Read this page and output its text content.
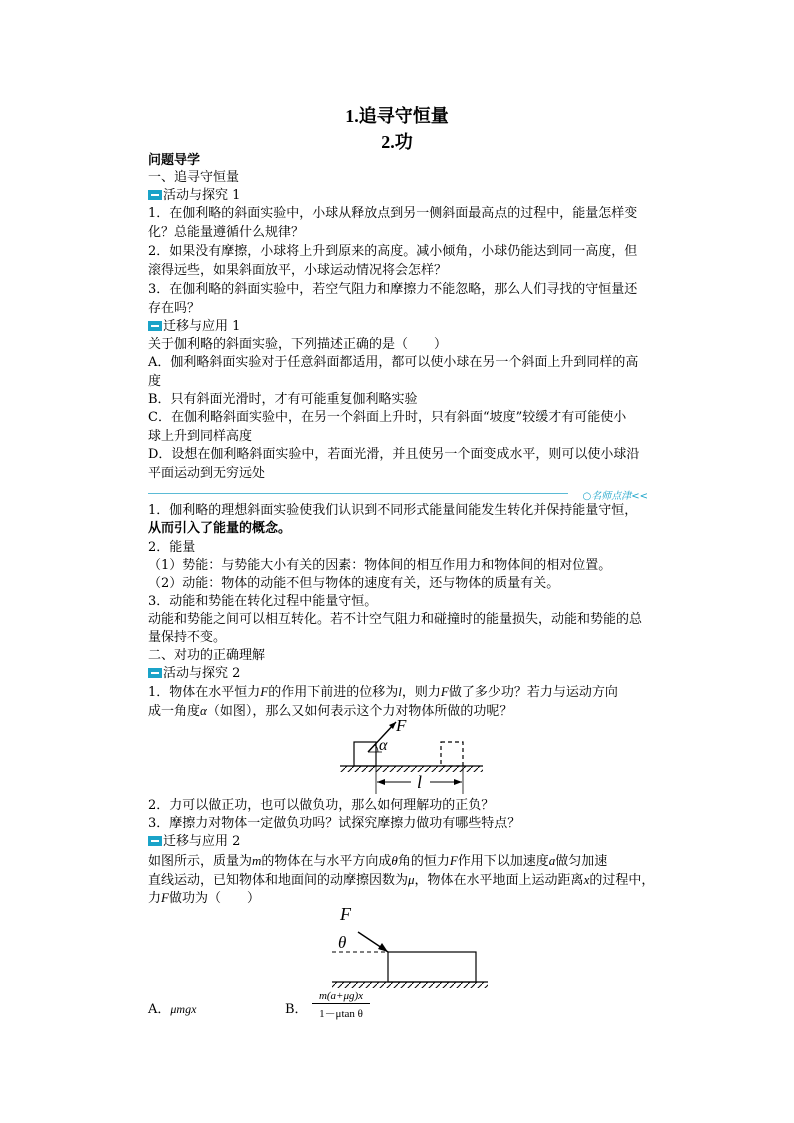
1.追寻守恒量
2.功
问题导学
一、追寻守恒量
活动与探究 1
1．在伽利略的斜面实验中，小球从释放点到另一侧斜面最高点的过程中，能量怎样变
化？总能量遵循什么规律？
2．如果没有摩擦，小球将上升到原来的高度。减小倾角，小球仍能达到同一高度，但
滚得远些，如果斜面放平，小球运动情况将会怎样？
3．在伽利略的斜面实验中，若空气阻力和摩擦力不能忽略，那么人们寻找的守恒量还
存在吗？
迁移与应用 1
关于伽利略的斜面实验，下列描述正确的是（　　）
A．伽利略斜面实验对于任意斜面都适用，都可以使小球在另一个斜面上升到同样的高
度
B．只有斜面光滑时，才有可能重复伽利略实验
C．在伽利略斜面实验中，在另一个斜面上升时，只有斜面“坡度”较缓才有可能使小
球上升到同样高度
D．设想在伽利略斜面实验中，若面光滑，并且使另一个面变成水平，则可以使小球沿
平面运动到无穷远处
○名师点津<<
1．伽利略的理想斜面实验使我们认识到不同形式能量间能发生转化并保持能量守恒，
从而引入了能量的概念。
2．能量
（1）势能：与势能大小有关的因素：物体间的相互作用力和物体间的相对位置。
（2）动能：物体的动能不但与物体的速度有关，还与物体的质量有关。
3．动能和势能在转化过程中能量守恒。
动能和势能之间可以相互转化。若不计空气阻力和碰撞时的能量损失，动能和势能的总
量保持不变。
二、对功的正确理解
活动与探究 2
1．物体在水平恒力F的作用下前进的位移为l，则力F做了多少功？若力与运动方向
成一角度α（如图），那么又如何表示这个力对物体所做的功呢？
F
α
l
2．力可以做正功，也可以做负功，那么如何理解功的正负？
3．摩擦力对物体一定做负功吗？试探究摩擦力做功有哪些特点？
迁移与应用 2
如图所示，质量为m的物体在与水平方向成θ角的恒力F作用下以加速度a做匀加速
直线运动，已知物体和地面间的动摩擦因数为μ，物体在水平地面上运动距离x的过程中，
力F做功为（　　）
F
θ
A．μmgx	B． $\frac{m(a+\mu g)x}{\text{1－μtan θ}}$
